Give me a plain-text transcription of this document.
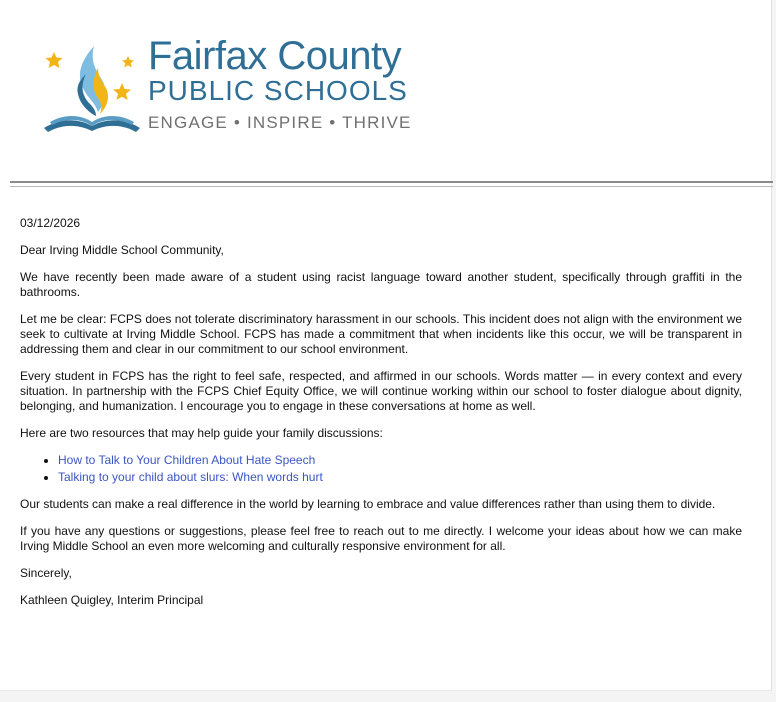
Fairfax County
PUBLIC SCHOOLS
ENGAGE • INSPIRE • THRIVE

03/12/2026

Dear Irving Middle School Community,

We have recently been made aware of a student using racist language toward another student, specifically through graffiti in the bathrooms.

Let me be clear: FCPS does not tolerate discriminatory harassment in our schools. This incident does not align with the environment we seek to cultivate at Irving Middle School. FCPS has made a commitment that when incidents like this occur, we will be transparent in addressing them and clear in our commitment to our school environment.

Every student in FCPS has the right to feel safe, respected, and affirmed in our schools. Words matter — in every context and every situation. In partnership with the FCPS Chief Equity Office, we will continue working within our school to foster dialogue about dignity, belonging, and humanization. I encourage you to engage in these conversations at home as well.

Here are two resources that may help guide your family discussions:

• How to Talk to Your Children About Hate Speech
• Talking to your child about slurs: When words hurt

Our students can make a real difference in the world by learning to embrace and value differences rather than using them to divide.

If you have any questions or suggestions, please feel free to reach out to me directly. I welcome your ideas about how we can make Irving Middle School an even more welcoming and culturally responsive environment for all.

Sincerely,

Kathleen Quigley, Interim Principal
